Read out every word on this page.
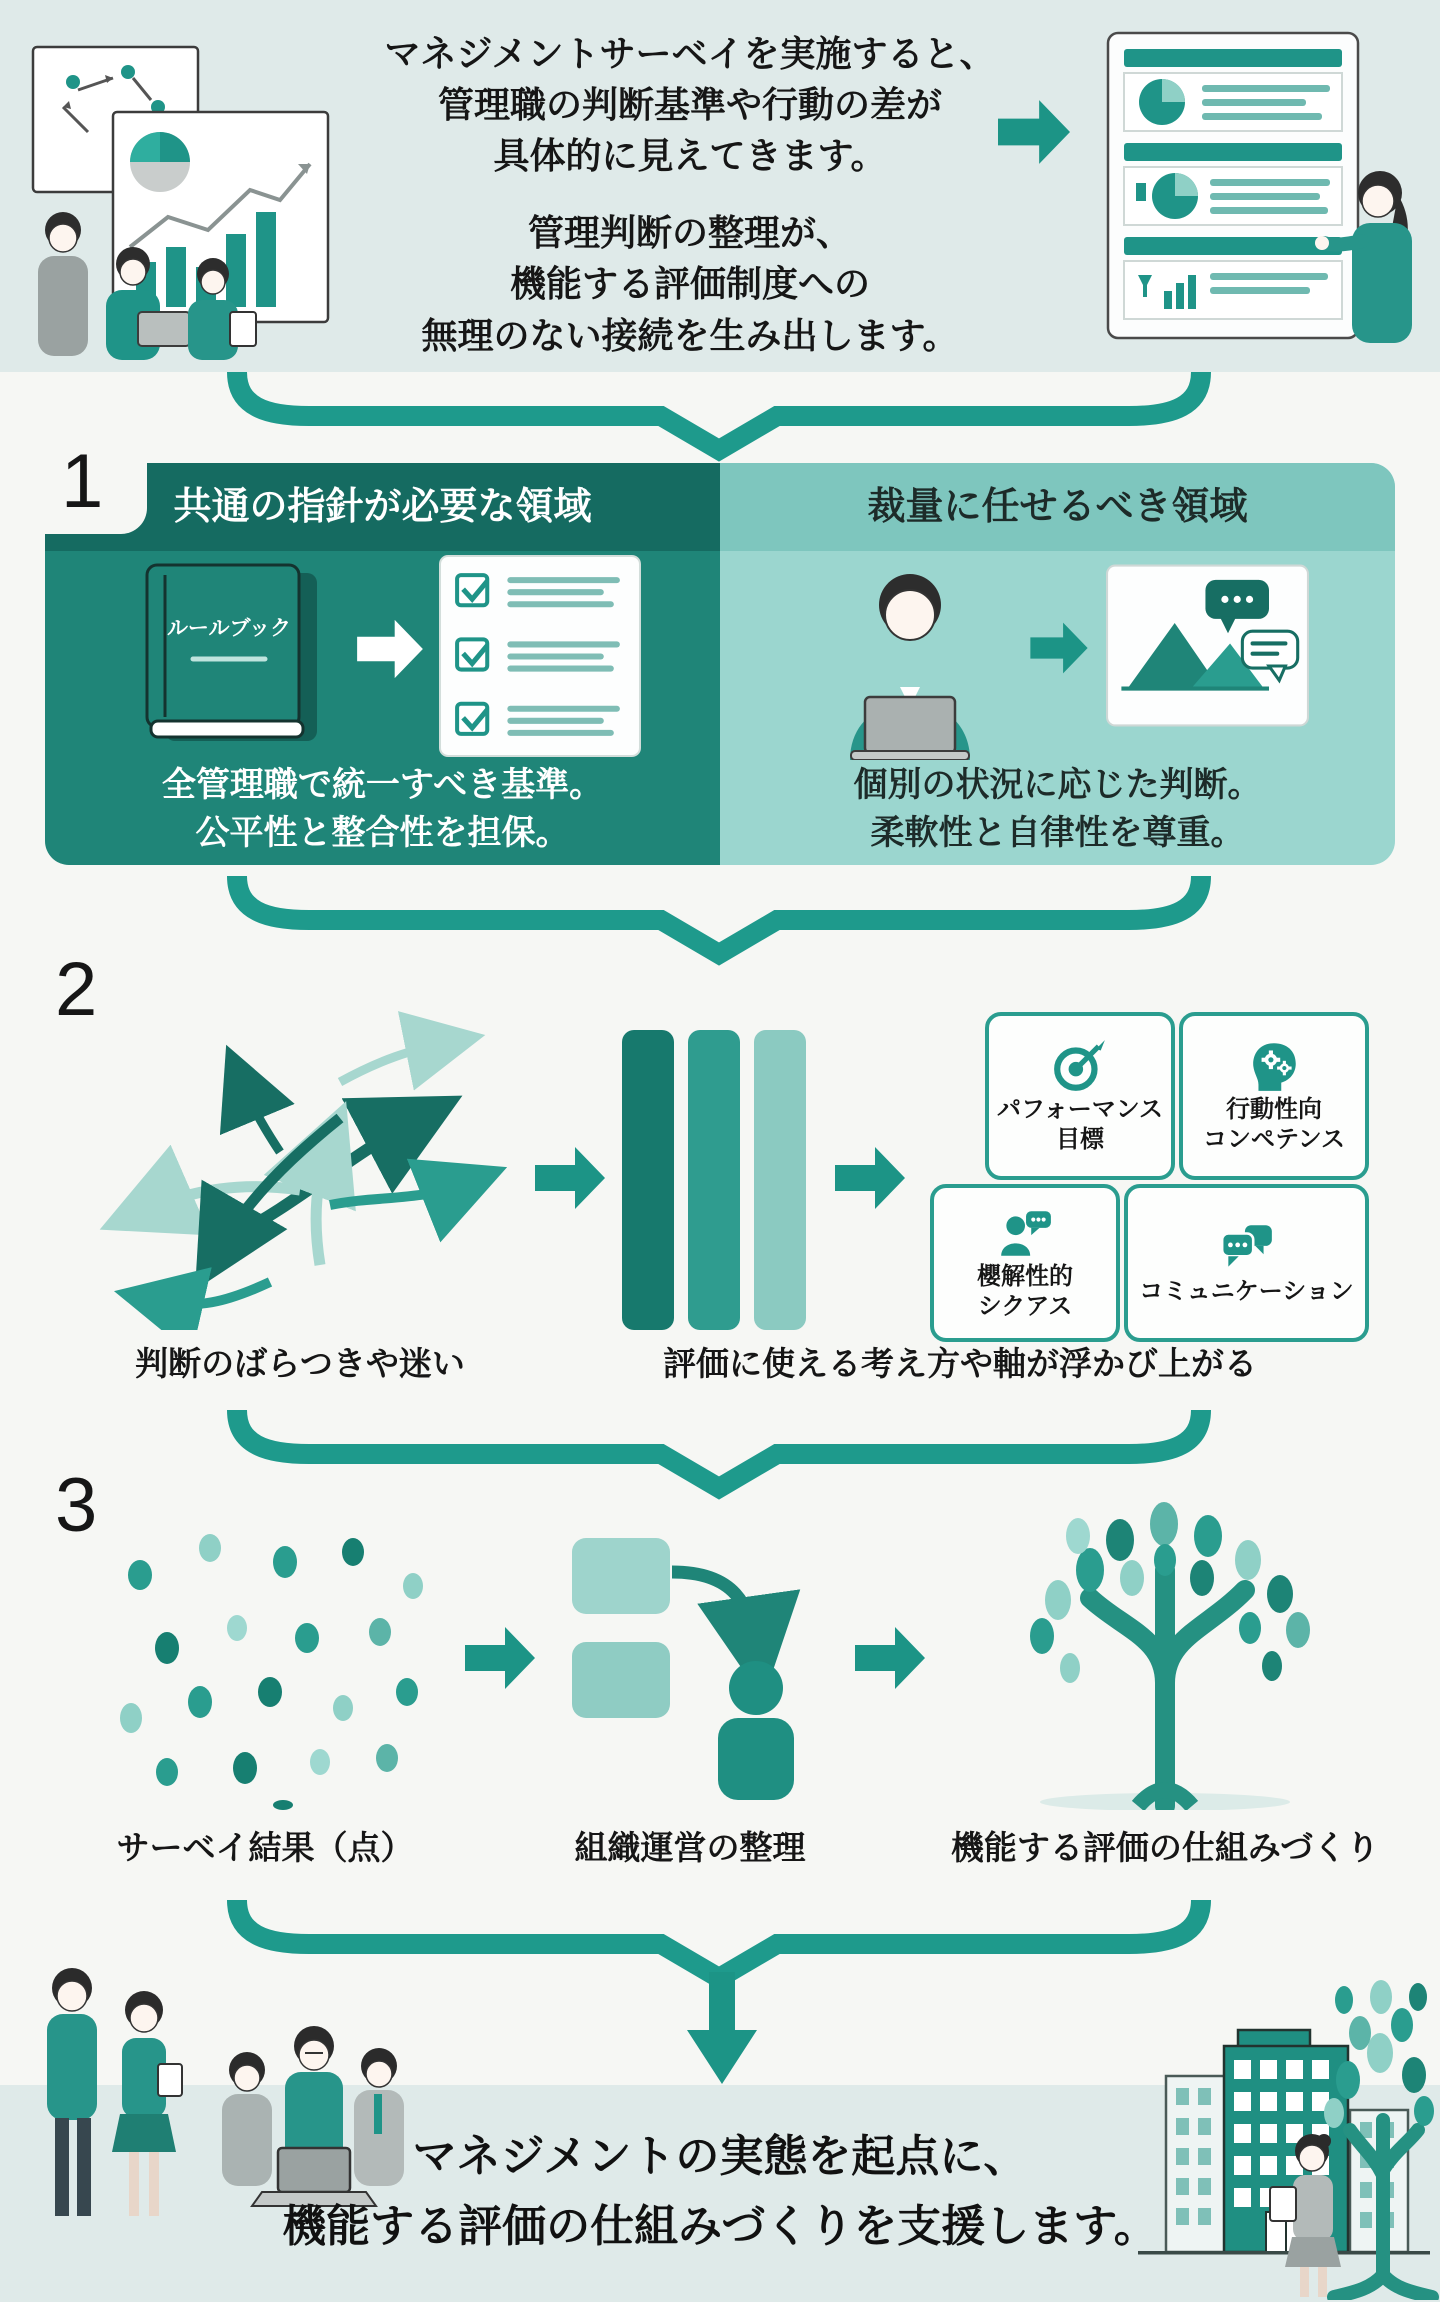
マネジメントサーベイを実施すると、
管理職の判断基準や行動の差が
具体的に見えてきます。
管理判断の整理が、
機能する評価制度への
無理のない接続を生み出します。
共通の指針が必要な領域
ルールブック
全管理職で統一すべき基準。
公平性と整合性を担保。
裁量に任せるべき領域
個別の状況に応じた判断。
柔軟性と自律性を尊重。
1
2
判断のばらつきや迷い
パフォーマンス
目標
行動性向
コンペテンス
櫻解性的
シクアス
コミュニケーション
評価に使える考え方や軸が浮かび上がる
3
サーベイ結果（点）	組織運営の整理	機能する評価の仕組みづくり
マネジメントの実態を起点に、
機能する評価の仕組みづくりを支援します。
